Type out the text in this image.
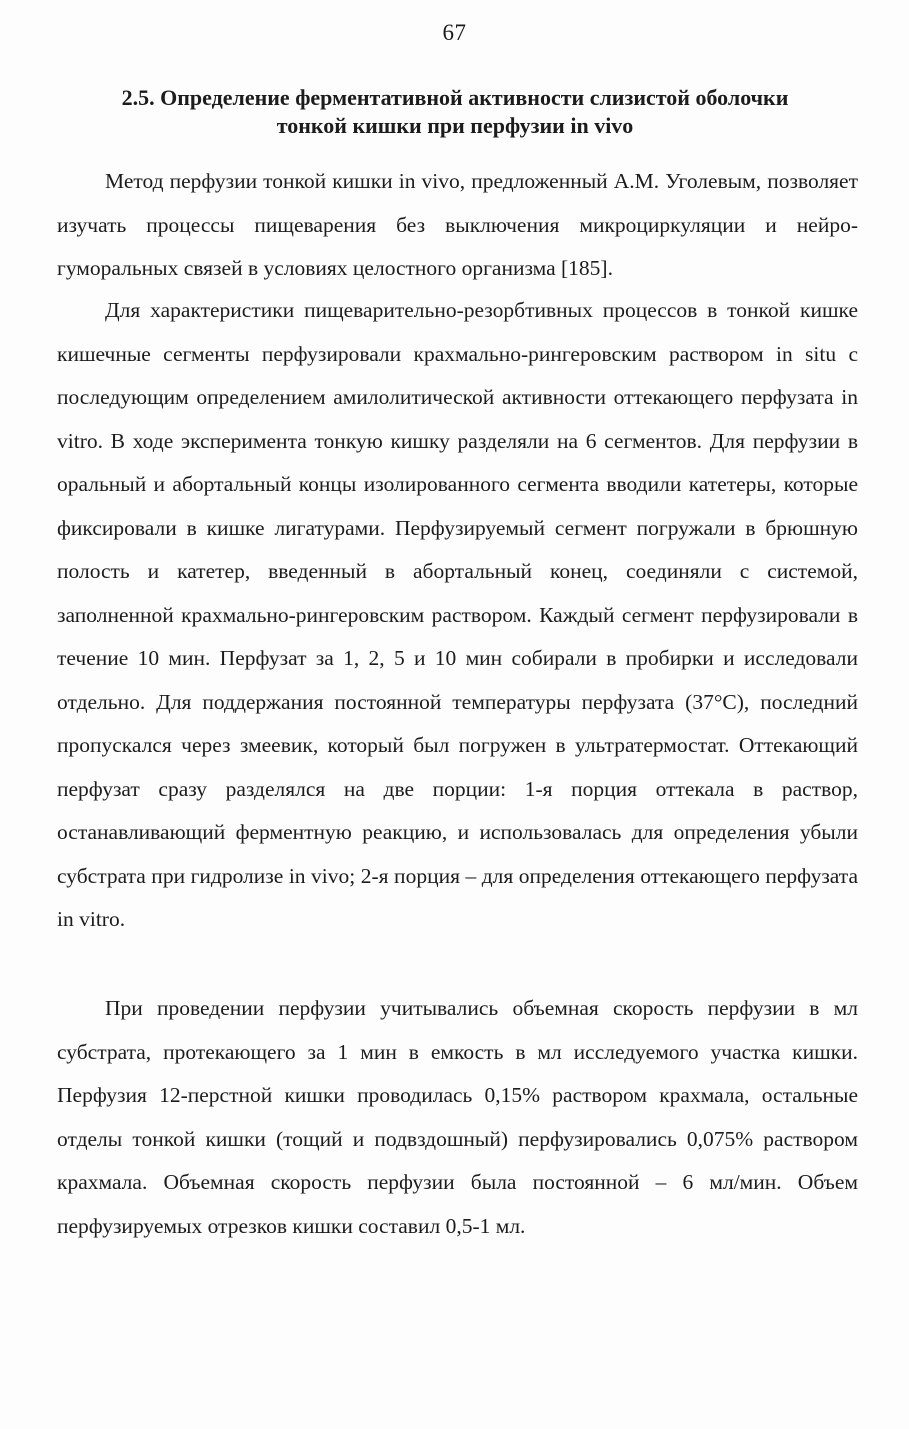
67
2.5. Определение ферментативной активности слизистой оболочки
тонкой кишки при перфузии in vivo

Метод перфузии тонкой кишки in vivo, предложенный А.М. Уголевым, позволяет изучать процессы пищеварения без выключения микроциркуляции и нейро-гуморальных связей в условиях целостного организма [185].

Для характеристики пищеварительно-резорбтивных процессов в тонкой кишке кишечные сегменты перфузировали крахмально-рингеровским раствором in situ с последующим определением амилолитической активности оттекающего перфузата in vitro. В ходе эксперимента тонкую кишку разделяли на 6 сегментов. Для перфузии в оральный и абортальный концы изолированного сегмента вводили катетеры, которые фиксировали в кишке лигатурами. Перфузируемый сегмент погружали в брюшную полость и катетер, введенный в абортальный конец, соединяли с системой, заполненной крахмально-рингеровским раствором. Каждый сегмент перфузировали в течение 10 мин. Перфузат за 1, 2, 5 и 10 мин собирали в пробирки и исследовали отдельно. Для поддержания постоянной температуры перфузата (37°С), последний пропускался через змеевик, который был погружен в ультратермостат. Оттекающий перфузат сразу разделялся на две порции: 1-я порция оттекала в раствор, останавливающий ферментную реакцию, и использовалась для определения убыли субстрата при гидролизе in vivo; 2-я порция – для определения оттекающего перфузата in vitro.

При проведении перфузии учитывались объемная скорость перфузии в мл субстрата, протекающего за 1 мин в емкость в мл исследуемого участка кишки. Перфузия 12-перстной кишки проводилась 0,15% раствором крахмала, остальные отделы тонкой кишки (тощий и подвздошный) перфузировались 0,075% раствором крахмала. Объемная скорость перфузии была постоянной – 6 мл/мин. Объем перфузируемых отрезков кишки составил 0,5-1 мл.
